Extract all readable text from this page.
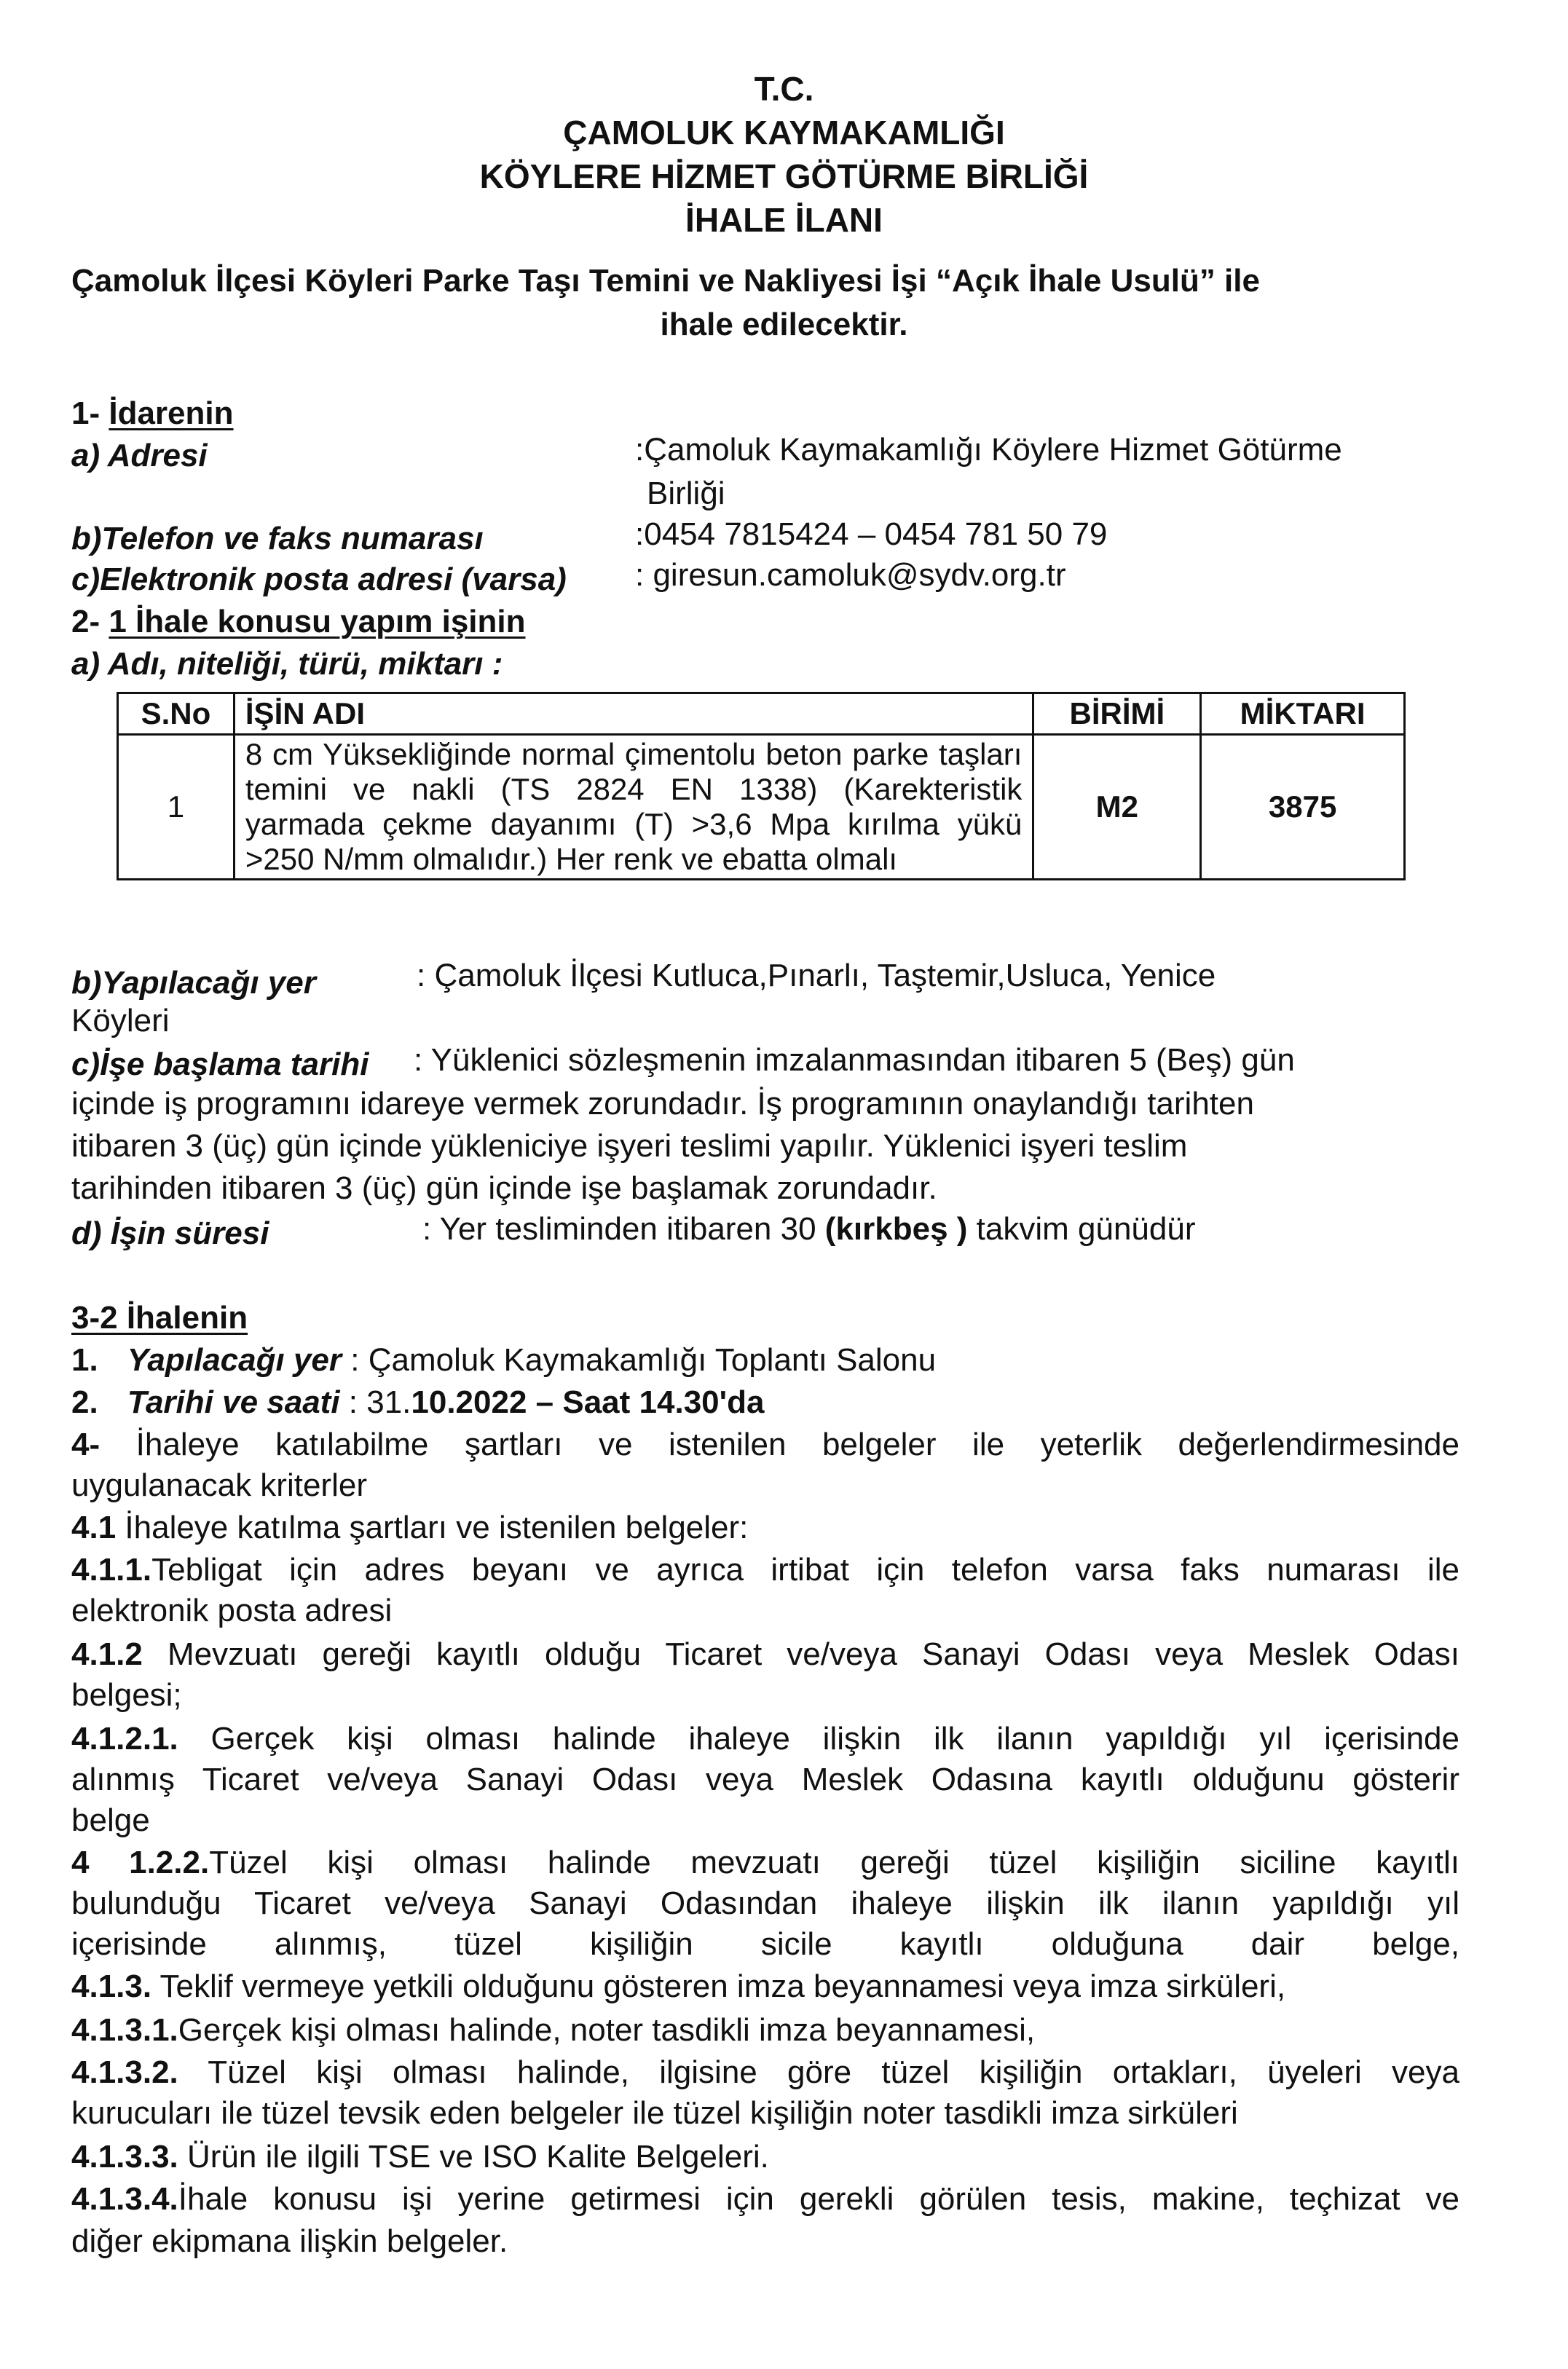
T.C.
ÇAMOLUK KAYMAKAMLIĞI
KÖYLERE HİZMET GÖTÜRME BİRLİĞİ
İHALE İLANI
Çamoluk İlçesi Köyleri Parke Taşı Temini ve Nakliyesi İşi “Açık İhale Usulü” ile
ihale edilecektir.
1- İdarenin
a) Adresi	:Çamoluk Kaymakamlığı Köylere Hizmet Götürme
Birliği
b)Telefon ve faks numarası	:0454 7815424 – 0454 781 50 79
c)Elektronik posta adresi (varsa) : giresun.camoluk@sydv.org.tr
2- 1 İhale konusu yapım işinin
a) Adı, niteliği, türü, miktarı :
S.No	İŞİN ADI	BİRİMİ	MİKTARI
1	8 cm Yüksekliğinde normal çimentolu beton parke taşları temini ve nakli (TS 2824 EN 1338) (Karekteristik yarmada çekme dayanımı (T) >3,6 Mpa kırılma yükü >250 N/mm olmalıdır.) Her renk ve ebatta olmalı	M2	3875
b)Yapılacağı yer	: Çamoluk İlçesi Kutluca,Pınarlı, Taştemir,Usluca, Yenice
Köyleri
c)İşe başlama tarihi : Yüklenici sözleşmenin imzalanmasından itibaren 5 (Beş) gün
içinde iş programını idareye vermek zorundadır. İş programının onaylandığı tarihten
itibaren 3 (üç) gün içinde yükleniciye işyeri teslimi yapılır. Yüklenici işyeri teslim
tarihinden itibaren 3 (üç) gün içinde işe başlamak zorundadır.
d) İşin süresi	: Yer tesliminden itibaren 30 (kırkbeş ) takvim günüdür
3-2 İhalenin
1. Yapılacağı yer : Çamoluk Kaymakamlığı Toplantı Salonu
2. Tarihi ve saati : 31.10.2022 – Saat 14.30'da
4- İhaleye katılabilme şartları ve istenilen belgeler ile yeterlik değerlendirmesinde
uygulanacak kriterler
4.1 İhaleye katılma şartları ve istenilen belgeler:
4.1.1.Tebligat için adres beyanı ve ayrıca irtibat için telefon varsa faks numarası ile
elektronik posta adresi
4.1.2 Mevzuatı gereği kayıtlı olduğu Ticaret ve/veya Sanayi Odası veya Meslek Odası
belgesi;
4.1.2.1. Gerçek kişi olması halinde ihaleye ilişkin ilk ilanın yapıldığı yıl içerisinde
alınmış Ticaret ve/veya Sanayi Odası veya Meslek Odasına kayıtlı olduğunu gösterir
belge
4 1.2.2.Tüzel kişi olması halinde mevzuatı gereği tüzel kişiliğin siciline kayıtlı
bulunduğu Ticaret ve/veya Sanayi Odasından ihaleye ilişkin ilk ilanın yapıldığı yıl
içerisinde alınmış, tüzel kişiliğin sicile kayıtlı olduğuna dair belge,
4.1.3. Teklif vermeye yetkili olduğunu gösteren imza beyannamesi veya imza sirküleri,
4.1.3.1.Gerçek kişi olması halinde, noter tasdikli imza beyannamesi,
4.1.3.2. Tüzel kişi olması halinde, ilgisine göre tüzel kişiliğin ortakları, üyeleri veya
kurucuları ile tüzel tevsik eden belgeler ile tüzel kişiliğin noter tasdikli imza sirküleri
4.1.3.3. Ürün ile ilgili TSE ve ISO Kalite Belgeleri.
4.1.3.4.İhale konusu işi yerine getirmesi için gerekli görülen tesis, makine, teçhizat ve
diğer ekipmana ilişkin belgeler.
